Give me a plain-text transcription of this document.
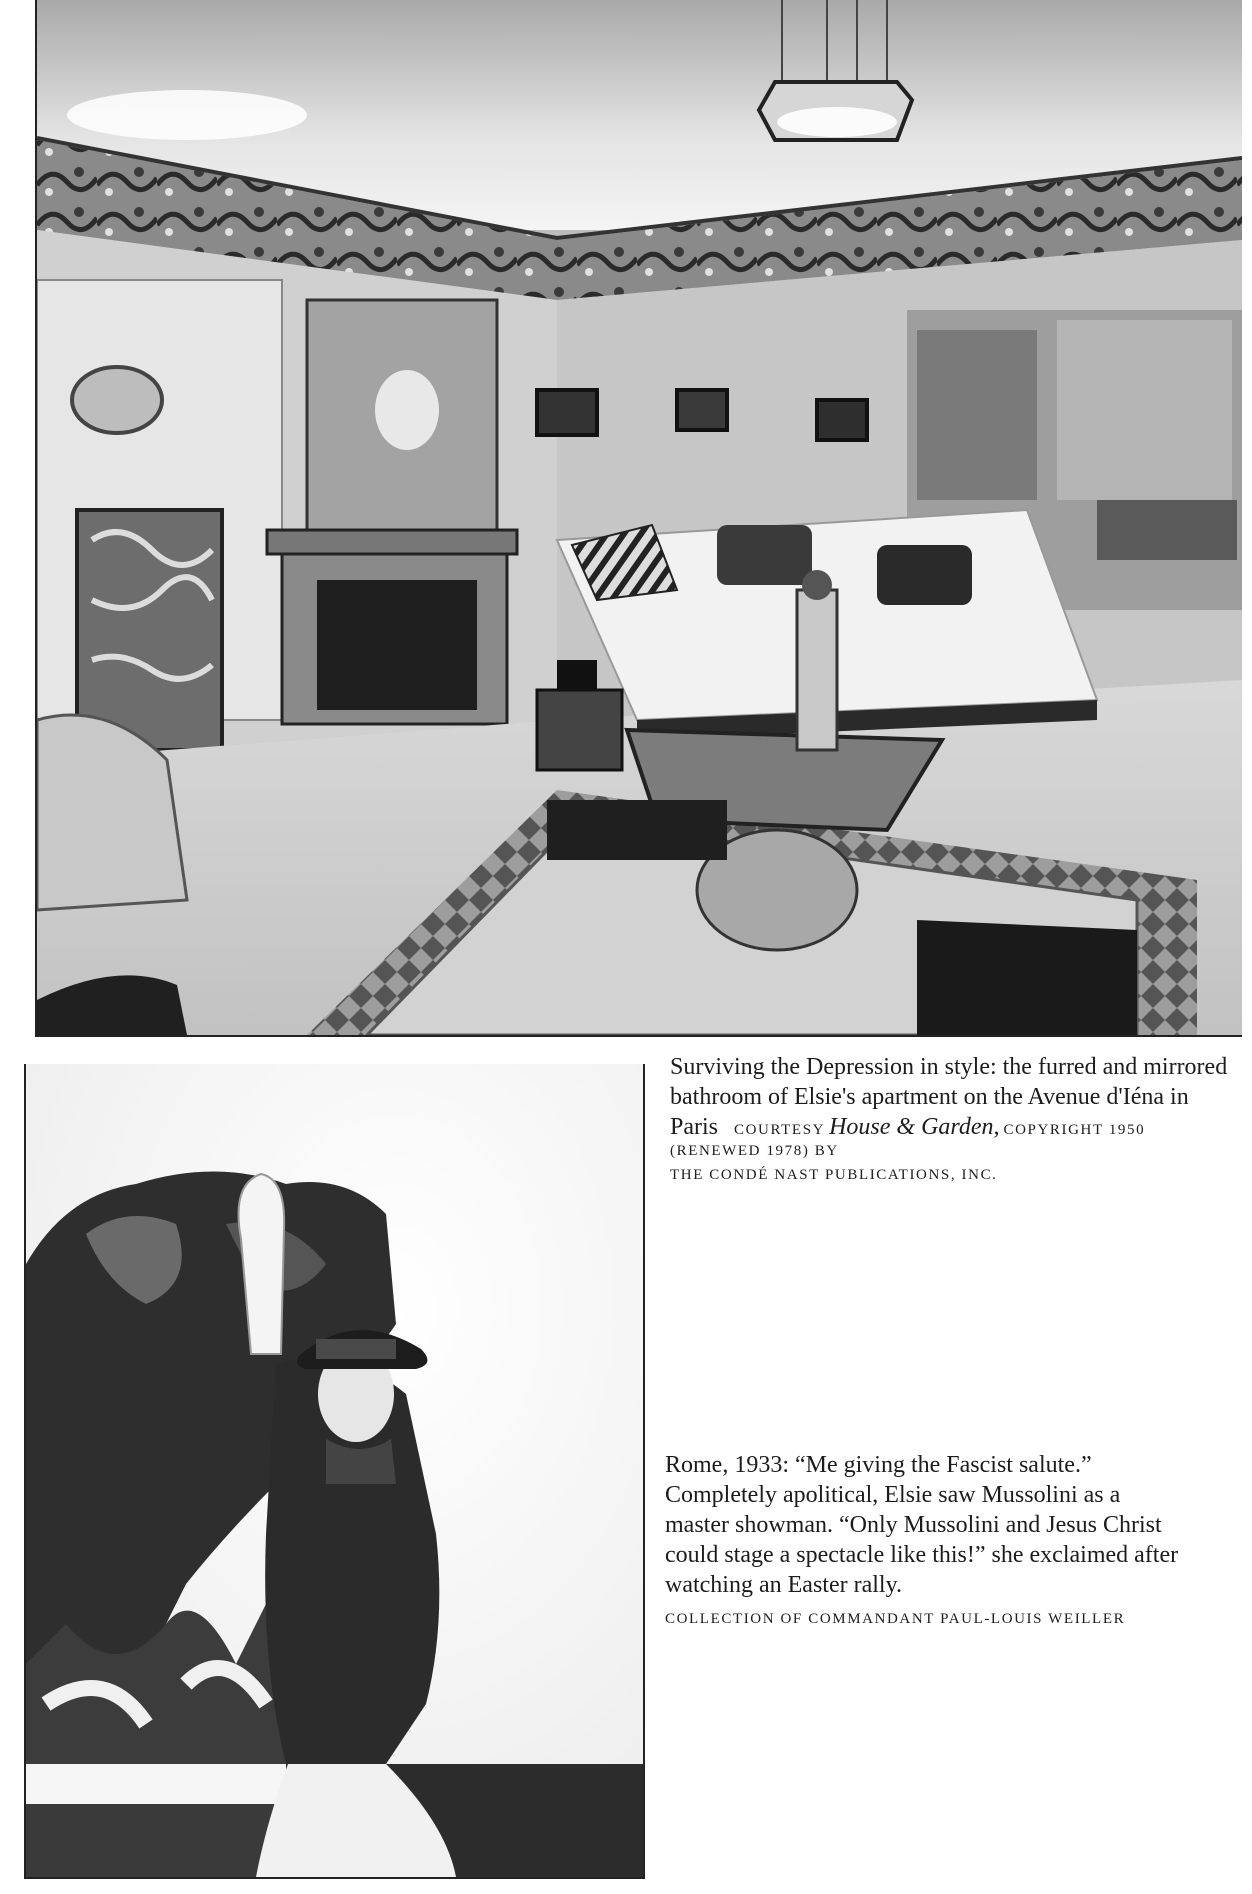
Surviving the Depression in style: the furred and mirrored bathroom of Elsie's apartment on the Avenue d'Iéna in Paris COURTESY House & Garden, COPYRIGHT 1950 (RENEWED 1978) BY
THE CONDÉ NAST PUBLICATIONS, INC.
Rome, 1933: “Me giving the Fascist salute.” Completely apolitical, Elsie saw Mussolini as a master showman. “Only Mussolini and Jesus Christ could stage a spectacle like this!” she exclaimed after watching an Easter rally.
COLLECTION OF COMMANDANT PAUL-LOUIS WEILLER
